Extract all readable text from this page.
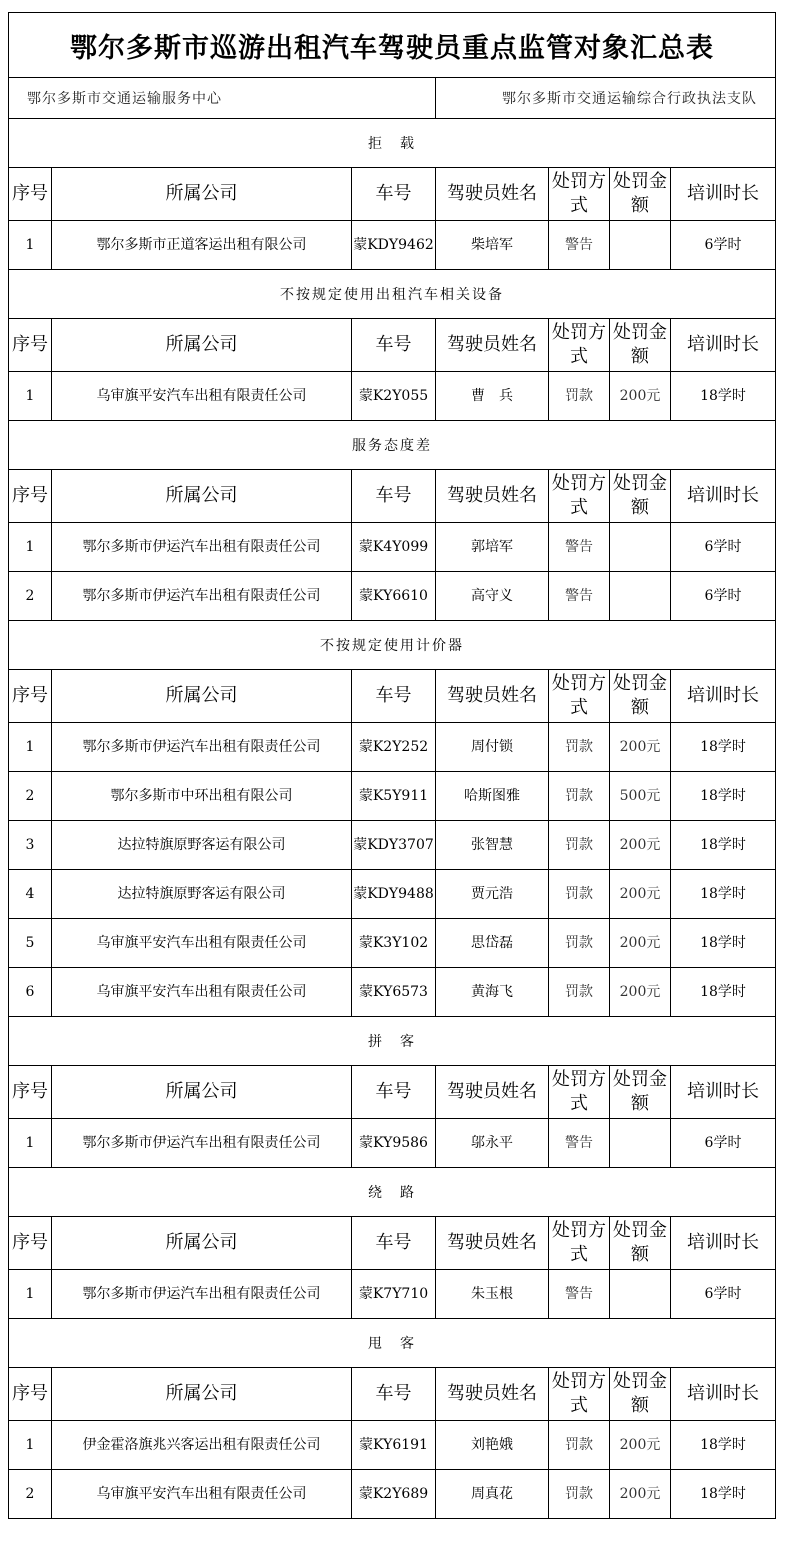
鄂尔多斯市巡游出租汽车驾驶员重点监管对象汇总表						
鄂尔多斯市交通运输服务中心			鄂尔多斯市交通运输综合行政执法支队			
拒　载						
序号	所属公司	车号	驾驶员姓名	处罚方式	处罚金额	培训时长
1	鄂尔多斯市正道客运出租有限公司	蒙KDY9462	柴培军	警告		6学时
不按规定使用出租汽车相关设备						
序号	所属公司	车号	驾驶员姓名	处罚方式	处罚金额	培训时长
1	乌审旗平安汽车出租有限责任公司	蒙K2Y055	曹　兵	罚款	200元	18学时
服务态度差						
序号	所属公司	车号	驾驶员姓名	处罚方式	处罚金额	培训时长
1	鄂尔多斯市伊运汽车出租有限责任公司	蒙K4Y099	郭培军	警告		6学时
2	鄂尔多斯市伊运汽车出租有限责任公司	蒙KY6610	高守义	警告		6学时
不按规定使用计价器						
序号	所属公司	车号	驾驶员姓名	处罚方式	处罚金额	培训时长
1	鄂尔多斯市伊运汽车出租有限责任公司	蒙K2Y252	周付锁	罚款	200元	18学时
2	鄂尔多斯市中环出租有限公司	蒙K5Y911	哈斯图雅	罚款	500元	18学时
3	达拉特旗原野客运有限公司	蒙KDY3707	张智慧	罚款	200元	18学时
4	达拉特旗原野客运有限公司	蒙KDY9488	贾元浩	罚款	200元	18学时
5	乌审旗平安汽车出租有限责任公司	蒙K3Y102	思岱磊	罚款	200元	18学时
6	乌审旗平安汽车出租有限责任公司	蒙KY6573	黄海飞	罚款	200元	18学时
拼　客						
序号	所属公司	车号	驾驶员姓名	处罚方式	处罚金额	培训时长
1	鄂尔多斯市伊运汽车出租有限责任公司	蒙KY9586	邬永平	警告		6学时
绕　路						
序号	所属公司	车号	驾驶员姓名	处罚方式	处罚金额	培训时长
1	鄂尔多斯市伊运汽车出租有限责任公司	蒙K7Y710	朱玉根	警告		6学时
甩　客						
序号	所属公司	车号	驾驶员姓名	处罚方式	处罚金额	培训时长
1	伊金霍洛旗兆兴客运出租有限责任公司	蒙KY6191	刘艳娥	罚款	200元	18学时
2	乌审旗平安汽车出租有限责任公司	蒙K2Y689	周真花	罚款	200元	18学时
